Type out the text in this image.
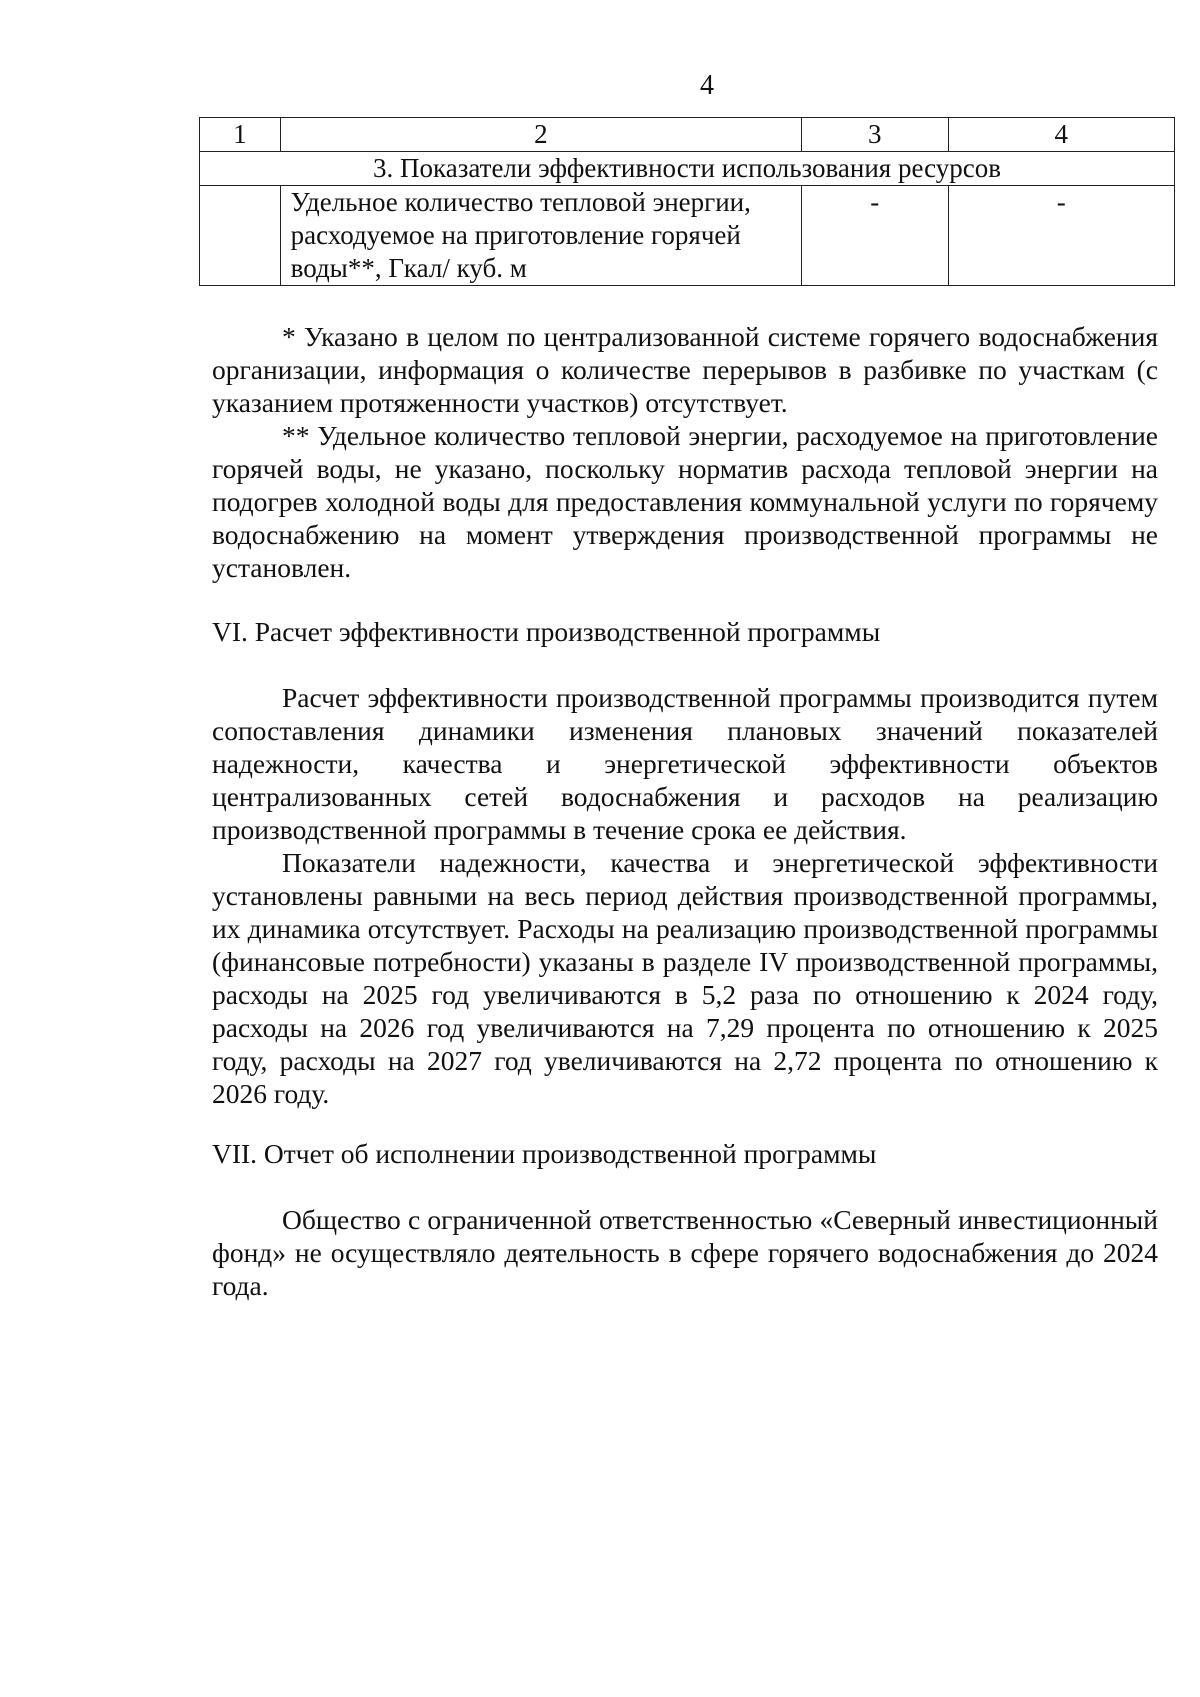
4
1	2	3	4
3. Показатели эффективности использования ресурсов			
	Удельное количество тепловой энергии, расходуемое на приготовление горячей воды**, Гкал/ куб. м	-	-

* Указано в целом по централизованной системе горячего водоснабжения организации, информация о количестве перерывов в разбивке по участкам (с указанием протяженности участков) отсутствует.

** Удельное количество тепловой энергии, расходуемое на приготовление горячей воды, не указано, поскольку норматив расхода тепловой энергии на подогрев холодной воды для предоставления коммунальной услуги по горячему водоснабжению на момент утверждения производственной программы не установлен.

VI. Расчет эффективности производственной программы

Расчет эффективности производственной программы производится путем сопоставления динамики изменения плановых значений показателей надежности, качества и энергетической эффективности объектов централизованных сетей водоснабжения и расходов на реализацию производственной программы в течение срока ее действия.

Показатели надежности, качества и энергетической эффективности установлены равными на весь период действия производственной программы, их динамика отсутствует. Расходы на реализацию производственной программы (финансовые потребности) указаны в разделе IV производственной программы, расходы на 2025 год увеличиваются в 5,2 раза по отношению к 2024 году, расходы на 2026 год увеличиваются на 7,29 процента по отношению к 2025 году, расходы на 2027 год увеличиваются на 2,72 процента по отношению к 2026 году.

VII. Отчет об исполнении производственной программы

Общество с ограниченной ответственностью «Северный инвестиционный фонд» не осуществляло деятельность в сфере горячего водоснабжения до 2024 года.
